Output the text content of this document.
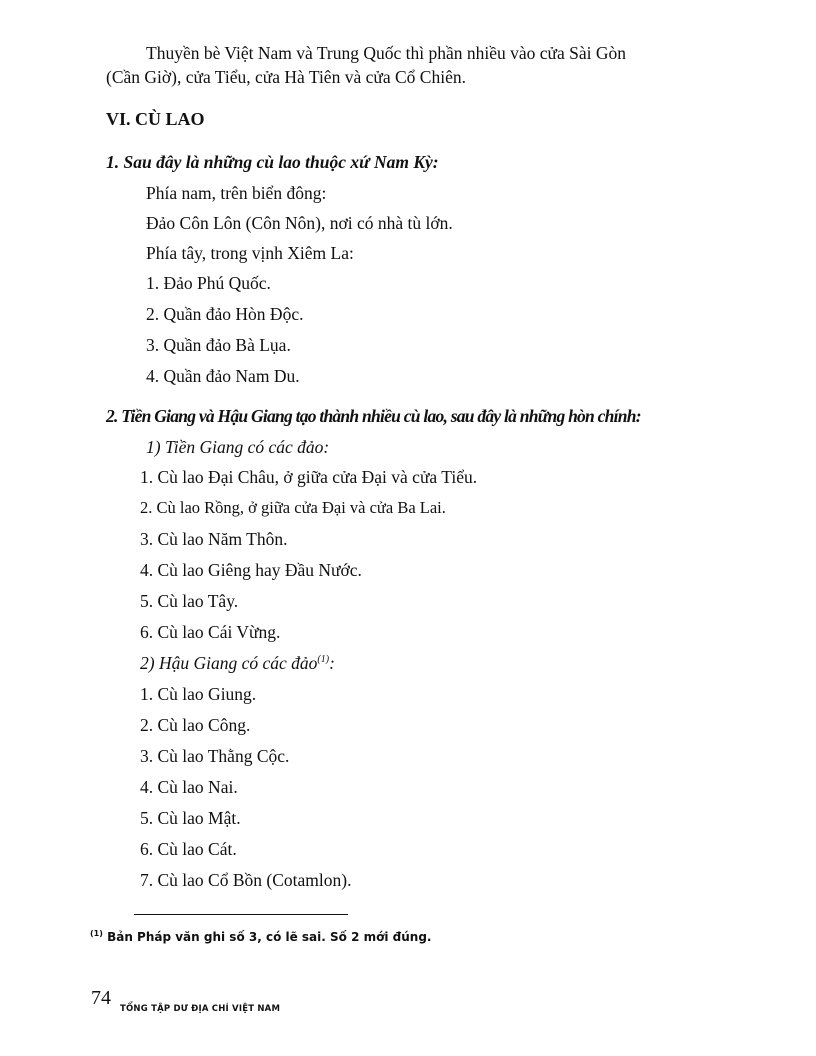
Thuyền bè Việt Nam và Trung Quốc thì phần nhiều vào cửa Sài Gòn
(Cần Giờ), cửa Tiểu, cửa Hà Tiên và cửa Cổ Chiên.
VI. CÙ LAO
1. Sau đây là những cù lao thuộc xứ Nam Kỳ:
Phía nam, trên biển đông:
Đảo Côn Lôn (Côn Nôn), nơi có nhà tù lớn.
Phía tây, trong vịnh Xiêm La:
1. Đảo Phú Quốc.
2. Quần đảo Hòn Độc.
3. Quần đảo Bà Lụa.
4. Quần đảo Nam Du.
2. Tiền Giang và Hậu Giang tạo thành nhiều cù lao, sau đây là những hòn chính:
1) Tiền Giang có các đảo:
1. Cù lao Đại Châu, ở giữa cửa Đại và cửa Tiểu.
2. Cù lao Rồng, ở giữa cửa Đại và cửa Ba Lai.
3. Cù lao Năm Thôn.
4. Cù lao Giêng hay Đầu Nước.
5. Cù lao Tây.
6. Cù lao Cái Vừng.
2) Hậu Giang có các đảo$^{(1)}$:
1. Cù lao Giung.
2. Cù lao Công.
3. Cù lao Thằng Cộc.
4. Cù lao Nai.
5. Cù lao Mật.
6. Cù lao Cát.
7. Cù lao Cổ Bồn (Cotamlon).
$^{(1)}$ Bản Pháp văn ghi số 3, có lẽ sai. Số 2 mới đúng.
74 TỔNG TẬP DƯ ĐỊA CHÍ VIỆT NAM
